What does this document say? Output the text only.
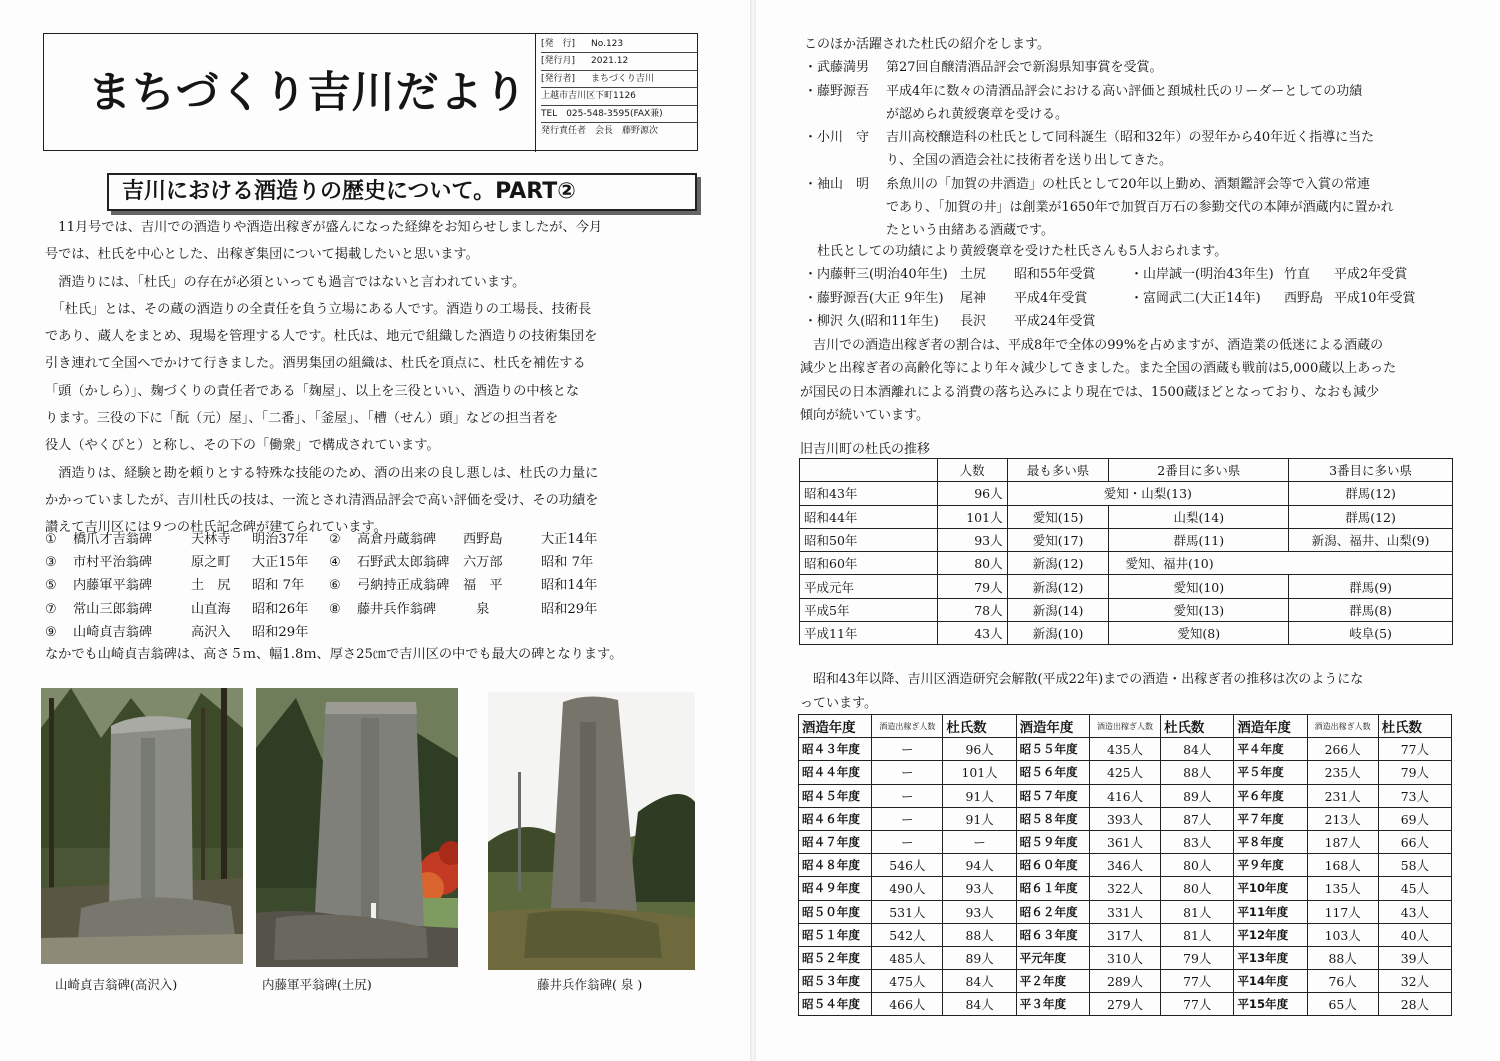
まちづくり吉川だより
[発　行] No.123
[発行月] 2021.12
[発行者] まちづくり吉川
上越市吉川区下町1126
TEL　025-548-3595(FAX兼)
発行責任者　会長　藤野源次
吉川における酒造りの歴史について。PART②

　11月号では、吉川での酒造りや酒造出稼ぎが盛んになった経緯をお知らせしましたが、今月

号では、杜氏を中心とした、出稼ぎ集団について掲載したいと思います。

　酒造りには、「杜氏」の存在が必須といっても過言ではないと言われています。

　「杜氏」とは、その蔵の酒造りの全責任を負う立場にある人です。酒造りの工場長、技術長

であり、蔵人をまとめ、現場を管理する人です。杜氏は、地元で組織した酒造りの技術集団を

引き連れて全国へでかけて行きました。酒男集団の組織は、杜氏を頂点に、杜氏を補佐する

「頭（かしら）」、麹づくりの責任者である「麹屋」、以上を三役といい、酒造りの中核とな

ります。三役の下に「酛（元）屋」、「二番」、「釜屋」、「槽（せん）頭」などの担当者を

役人（やくびと）と称し、その下の「働衆」で構成されています。

　酒造りは、経験と勘を頼りとする特殊な技能のため、酒の出来の良し悪しは、杜氏の力量に

かかっていましたが、吉川杜氏の技は、一流とされ清酒品評会で高い評価を受け、その功績を

讃えて吉川区には９つの杜氏記念碑が建てられています。

① 橋爪才吉翁碑	天林寺 明治37年 ② 高倉丹蔵翁碑 西野島	大正14年
③ 市村平治翁碑	原之町 大正15年 ④ 石野武太郎翁碑 六万部	昭和 7年
⑤ 内藤軍平翁碑	土　尻 昭和 7年 ⑥ 弓納持正成翁碑 福　平	昭和14年
⑦ 常山三郎翁碑	山直海 昭和26年 ⑧ 藤井兵作翁碑 　泉	昭和29年
⑨ 山崎貞吉翁碑	高沢入 昭和29年
なかでも山崎貞吉翁碑は、高さ５ｍ、幅1.8ｍ、厚さ25㎝で吉川区の中でも最大の碑となります。
山崎貞吉翁碑(高沢入)	内藤軍平翁碑(土尻)	藤井兵作翁碑( 泉 )
このほか活躍された杜氏の紹介をします。
・武藤満男 第27回自醸清酒品評会で新潟県知事賞を受賞。
・藤野源吾 平成4年に数々の清酒品評会における高い評価と頚城杜氏のリーダーとしての功績
が認められ黄綬褒章を受ける。
・小川　守 吉川高校醸造科の杜氏として同科誕生（昭和32年）の翌年から40年近く指導に当た
り、全国の酒造会社に技術者を送り出してきた。
・袖山　明 糸魚川の「加賀の井酒造」の杜氏として20年以上勤め、酒類鑑評会等で入賞の常連
であり、「加賀の井」は創業が1650年で加賀百万石の参勤交代の本陣が酒蔵内に置かれ
たという由緒ある酒蔵です。
　杜氏としての功績により黄綬褒章を受けた杜氏さんも5人おられます。
・内藤軒三(明治40年生) 土尻 昭和55年受賞	・山岸誠一(明治43年生) 竹直 平成2年受賞
・藤野源吾(大正 9年生) 尾神 平成4年受賞	・富岡武二(大正14年) 西野島 平成10年受賞
・柳沢 久(昭和11年生) 長沢 平成24年受賞

　吉川での酒造出稼ぎ者の割合は、平成8年で全体の99%を占めますが、酒造業の低迷による酒蔵の

減少と出稼ぎ者の高齢化等により年々減少してきました。また全国の酒蔵も戦前は5,000蔵以上あった

が国民の日本酒離れによる消費の落ち込みにより現在では、1500蔵ほどとなっており、なおも減少

傾向が続いています。

旧吉川町の杜氏の推移
	人数	最も多い県	2番目に多い県	3番目に多い県
昭和43年	96人	愛知・山梨(13)		群馬(12)
昭和44年	101人	愛知(15)	山梨(14)	群馬(12)
昭和50年	93人	愛知(17)	群馬(11)	新潟、福井、山梨(9)
昭和60年	80人	新潟(12)	愛知、福井(10)	
平成元年	79人	新潟(12)	愛知(10)	群馬(9)
平成5年	78人	新潟(14)	愛知(13)	群馬(8)
平成11年	43人	新潟(10)	愛知(8)	岐阜(5)

　昭和43年以降、吉川区酒造研究会解散(平成22年)までの酒造・出稼ぎ者の推移は次のようにな

っています。

酒造年度	酒造出稼ぎ人数	杜氏数	酒造年度	酒造出稼ぎ人数	杜氏数	酒造年度	酒造出稼ぎ人数	杜氏数
昭４３年度	ー	96人	昭５５年度	435人	84人	平４年度	266人	77人
昭４４年度	ー	101人	昭５６年度	425人	88人	平５年度	235人	79人
昭４５年度	ー	91人	昭５７年度	416人	89人	平６年度	231人	73人
昭４６年度	ー	91人	昭５８年度	393人	87人	平７年度	213人	69人
昭４７年度	ー	ー	昭５９年度	361人	83人	平８年度	187人	66人
昭４８年度	546人	94人	昭６０年度	346人	80人	平９年度	168人	58人
昭４９年度	490人	93人	昭６１年度	322人	80人	平10年度	135人	45人
昭５０年度	531人	93人	昭６２年度	331人	81人	平11年度	117人	43人
昭５１年度	542人	88人	昭６３年度	317人	81人	平12年度	103人	40人
昭５２年度	485人	89人	平元年度	310人	79人	平13年度	88人	39人
昭５３年度	475人	84人	平２年度	289人	77人	平14年度	76人	32人
昭５４年度	466人	84人	平３年度	279人	77人	平15年度	65人	28人
